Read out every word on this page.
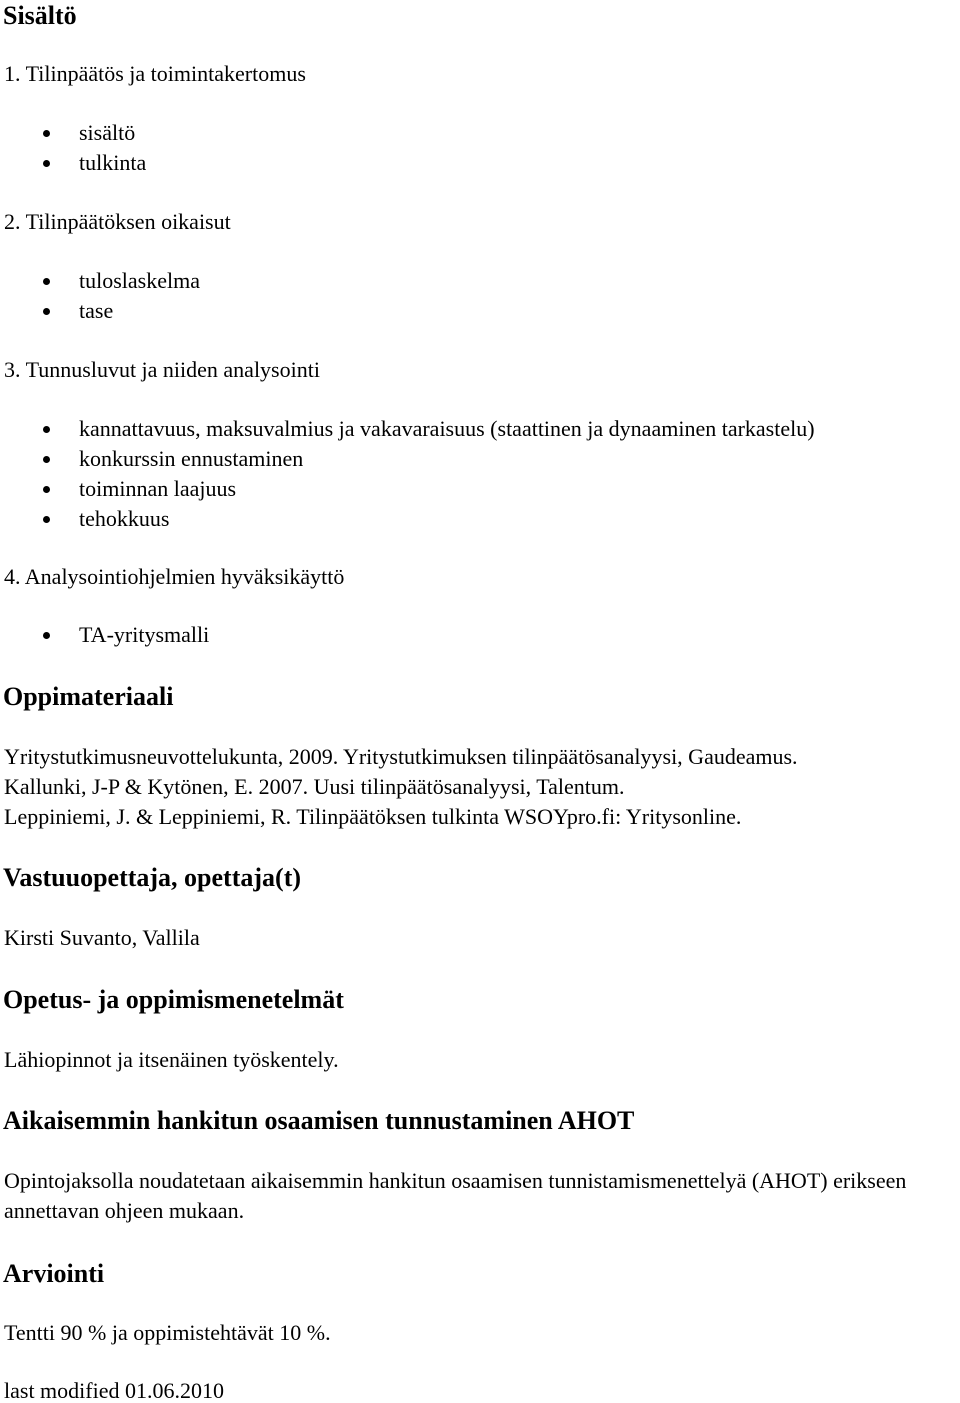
Sisältö
1. Tilinpäätös ja toimintakertomus
sisältö
tulkinta
2. Tilinpäätöksen oikaisut
tuloslaskelma
tase
3. Tunnusluvut ja niiden analysointi
kannattavuus, maksuvalmius ja vakavaraisuus (staattinen ja dynaaminen tarkastelu)
konkurssin ennustaminen
toiminnan laajuus
tehokkuus
4. Analysointiohjelmien hyväksikäyttö
TA-yritysmalli
Oppimateriaali
Yritystutkimusneuvottelukunta, 2009. Yritystutkimuksen tilinpäätösanalyysi, Gaudeamus.
Kallunki, J-P & Kytönen, E. 2007. Uusi tilinpäätösanalyysi, Talentum.
Leppiniemi, J. & Leppiniemi, R. Tilinpäätöksen tulkinta WSOYpro.fi: Yritysonline.
Vastuuopettaja, opettaja(t)
Kirsti Suvanto, Vallila
Opetus- ja oppimismenetelmät
Lähiopinnot ja itsenäinen työskentely.
Aikaisemmin hankitun osaamisen tunnustaminen AHOT
Opintojaksolla noudatetaan aikaisemmin hankitun osaamisen tunnistamismenettelyä (AHOT) erikseen annettavan ohjeen mukaan.
Arviointi
Tentti 90 % ja oppimistehtävät 10 %.
last modified 01.06.2010
